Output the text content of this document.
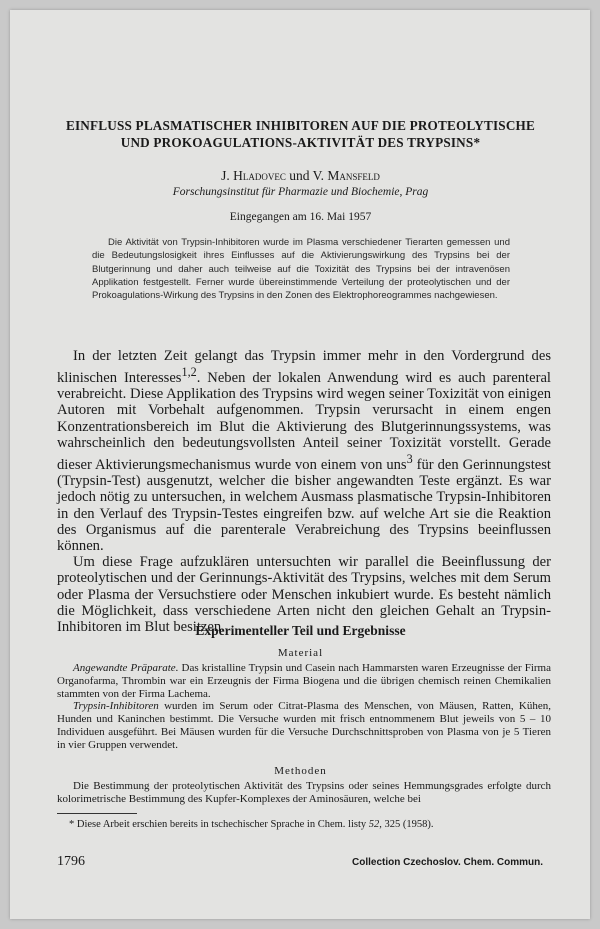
EINFLUSS PLASMATISCHER INHIBITOREN AUF DIE PROTEOLYTISCHE
UND PROKOAGULATIONS-AKTIVITÄT DES TRYPSINS*
J. Hladovec und V. Mansfeld
Forschungsinstitut für Pharmazie und Biochemie, Prag
Eingegangen am 16. Mai 1957
Die Aktivität von Trypsin-Inhibitoren wurde im Plasma verschiedener Tierarten gemessen und die Bedeutungslosigkeit ihres Einflusses auf die Aktivierungswirkung des Trypsins bei der Blutgerinnung und daher auch teilweise auf die Toxizität des Trypsins bei der intravenösen Applikation festgestellt. Ferner wurde übereinstimmende Verteilung der proteolytischen und der Prokoagulations-Wirkung des Trypsins in den Zonen des Elektrophoreogrammes nachgewiesen.

In der letzten Zeit gelangt das Trypsin immer mehr in den Vordergrund des klinischen Interesses$^{1,2}$. Neben der lokalen Anwendung wird es auch parenteral verabreicht. Diese Applikation des Trypsins wird wegen seiner Toxizität von einigen Autoren mit Vorbehalt aufgenommen. Trypsin verursacht in einem engen Konzentrationsbereich im Blut die Aktivierung des Blutgerinnungssystems, was wahrscheinlich den bedeutungsvollsten Anteil seiner Toxizität vorstellt. Gerade dieser Aktivierungsmechanismus wurde von einem von uns$^3$ für den Gerinnungstest (Trypsin-Test) ausgenutzt, welcher die bisher angewandten Teste ergänzt. Es war jedoch nötig zu untersuchen, in welchem Ausmass plasmatische Trypsin-Inhibitoren in den Verlauf des Trypsin-Testes eingreifen bzw. auf welche Art sie die Reaktion des Organismus auf die parenterale Verabreichung des Trypsins beeinflussen können.

Um diese Frage aufzuklären untersuchten wir parallel die Beeinflussung der proteolytischen und der Gerinnungs-Aktivität des Trypsins, welches mit dem Serum oder Plasma der Versuchstiere oder Menschen inkubiert wurde. Es besteht nämlich die Möglichkeit, dass verschiedene Arten nicht den gleichen Gehalt an Trypsin-Inhibitoren im Blut besitzen.

Experimenteller Teil und Ergebnisse
Material

Angewandte Präparate. Das kristalline Trypsin und Casein nach Hammarsten waren Erzeugnisse der Firma Organofarma, Thrombin war ein Erzeugnis der Firma Biogena und die übrigen chemisch reinen Chemikalien stammten von der Firma Lachema.

Trypsin-Inhibitoren wurden im Serum oder Citrat-Plasma des Menschen, von Mäusen, Ratten, Kühen, Hunden und Kaninchen bestimmt. Die Versuche wurden mit frisch entnommenem Blut jeweils von 5 – 10 Individuen ausgeführt. Bei Mäusen wurden für die Versuche Durchschnittsproben von Plasma von je 5 Tieren in vier Gruppen verwendet.

Methoden

Die Bestimmung der proteolytischen Aktivität des Trypsins oder seines Hemmungsgrades erfolgte durch kolorimetrische Bestimmung des Kupfer-Komplexes der Aminosäuren, welche bei

* Diese Arbeit erschien bereits in tschechischer Sprache in Chem. listy 52, 325 (1958).
1796	Collection Czechoslov. Chem. Commun.
